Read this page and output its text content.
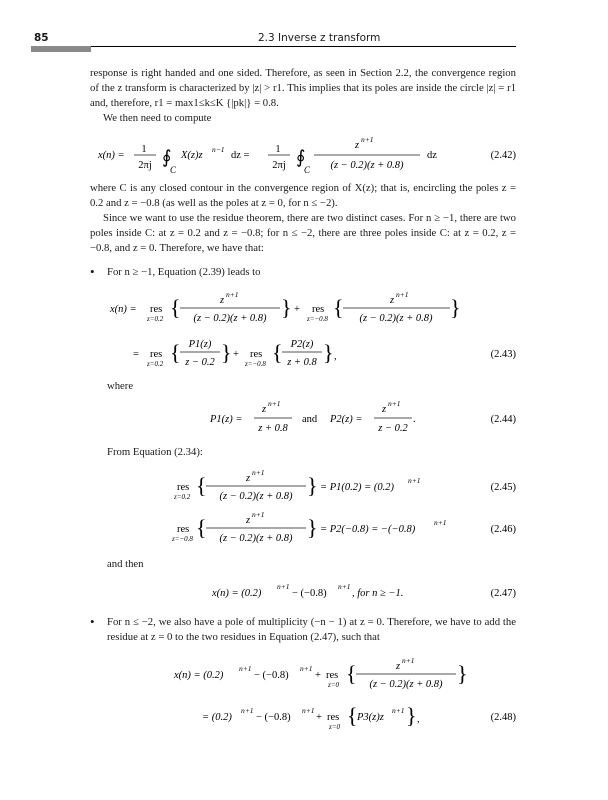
85	2.3 Inverse z transform
response is right handed and one sided. Therefore, as seen in Section 2.2, the convergence region of the z transform is characterized by |z| > r1. This implies that its poles are inside the circle |z| = r1 and, therefore, r1 = max1≤k≤K {|pk|} = 0.8.
We then need to compute
x(n) =
1
2πj ∮
C
X(z)z
n−1
dz =
1
2πj ∮
C
z
n+1
(z − 0.2)(z + 0.8)
dz	(2.42)
where C is any closed contour in the convergence region of X(z); that is, encircling the poles z = 0.2 and z = −0.8 (as well as the poles at z = 0, for n ≤ −2).
Since we want to use the residue theorem, there are two distinct cases. For n ≥ −1, there are two poles inside C: at z = 0.2 and z = −0.8; for n ≤ −2, there are three poles inside C: at z = 0.2, z = −0.8, and z = 0. Therefore, we have that:
• For n ≥ −1, Equation (2.39) leads to
x(n) = res
z=0.2 {	z
n+1
(z − 0.2)(z + 0.8) } + res
z=−0.8 {	z
n+1
(z − 0.2)(z + 0.8) }
= res
z=0.2 { P1(z)
z − 0.2 } + res
z=−0.8 { P2(z)
z + 0.8 } ,	(2.43)
where
P1(z) =
z
n+1
z + 0.8
and P2(z) =
z
n+1
z − 0.2
.	(2.44)
From Equation (2.34):
res
z=0.2 {	z
n+1
(z − 0.2)(z + 0.8) } = P1(0.2) = (0.2)
n+1
(2.45)
res
z=−0.8 {	z
n+1
(z − 0.2)(z + 0.8) } = P2(−0.8) = −(−0.8)
n+1
(2.46)
and then
x(n) = (0.2)
n+1
− (−0.8)
n+1
, for n ≥ −1.	(2.47)
• For n ≤ −2, we also have a pole of multiplicity (−n − 1) at z = 0. Therefore, we have to add the residue at z = 0 to the two residues in Equation (2.47), such that
x(n) = (0.2)
n+1
− (−0.8)
n+1
+ res
z=0 {	z
n+1
(z − 0.2)(z + 0.8) }
= (0.2)
n+1
− (−0.8)
n+1
+ res
z=0 { P3(z)z
n+1 } ,	(2.48)
